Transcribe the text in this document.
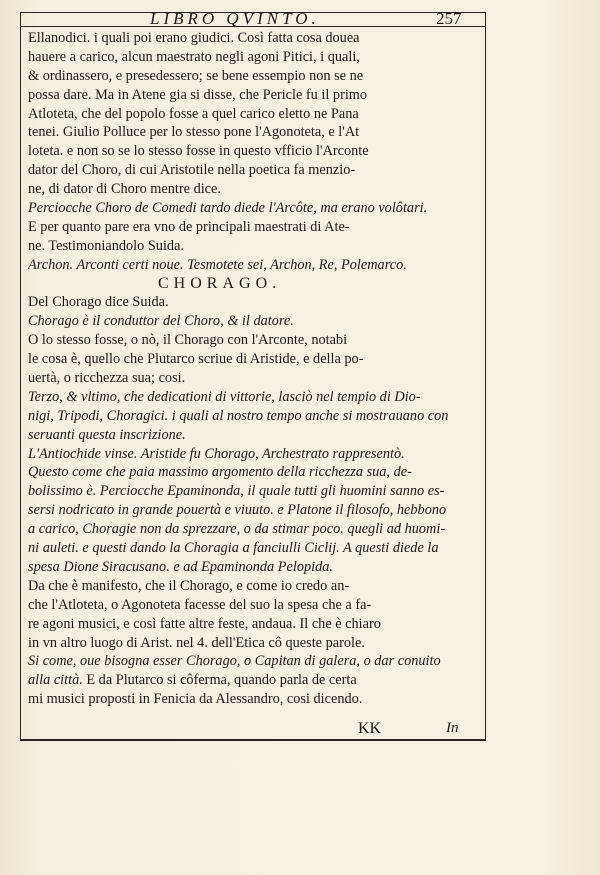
LIBRO QVINTO.	257
Ellanodici. i quali poi erano giudici. Così fatta cosa douea
hauere a carico, alcun maestrato negli agoni Pitici, i quali,
& ordinassero, e presedessero; se bene essempio non se ne
possa dare. Ma in Atene gia si disse, che Pericle fu il primo
Atloteta, che del popolo fosse a quel carico eletto ne Pana
tenei. Giulio Polluce per lo stesso pone l'Agonoteta, e l'At
loteta. e non so se lo stesso fosse in questo vfficio l'Arconte
dator del Choro, di cui Aristotile nella poetica fa menzio-
ne, di dator di Choro mentre dice.
Perciocche Choro de Comedi tardo diede l'Arcôte, ma erano volôtari.
E per quanto pare era vno de principali maestrati di Ate-
ne. Testimoniandolo Suida.
Archon. Arconti certi noue. Tesmotete sei, Archon, Re, Polemarco.
CHORAGO.
Del Chorago dice Suida.
Chorago è il conduttor del Choro, & il datore.
O lo stesso fosse, o nò, il Chorago con l'Arconte, notabi
le cosa è, quello che Plutarco scriue di Aristide, e della po-
uertà, o ricchezza sua; cosi.
Terzo, & vltimo, che dedicationi di vittorie, lasciò nel tempio di Dio-
nigi, Tripodi, Choragici. i quali al nostro tempo anche si mostrauano con
seruanti questa inscrizione.
L'Antiochide vinse. Aristide fu Chorago, Archestrato rappresentò.
Questo come che paia massimo argomento della ricchezza sua, de-
bolissimo è. Perciocche Epaminonda, il quale tutti gli huomini sanno es-
sersi nodricato in grande pouertà e viuuto. e Platone il filosofo, hebbono
a carico, Choragie non da sprezzare, o da stimar poco. quegli ad huomi-
ni auleti. e questi dando la Choragia a fanciulli Ciclij. A questi diede la
spesa Dione Siracusano. e ad Epaminonda Pelopida.
Da che è manifesto, che il Chorago, e come io credo an-
che l'Atloteta, o Agonoteta facesse del suo la spesa che a fa-
re agoni musici, e così fatte altre feste, andaua. Il che è chiaro
in vn altro luogo di Arist. nel 4. dell'Etica cô queste parole.
Si come, oue bisogna esser Chorago, o Capitan di galera, o dar conuito
alla città. E da Plutarco si côferma, quando parla de certa
mi musici proposti in Fenicia da Alessandro, cosi dicendo.
KK	In
